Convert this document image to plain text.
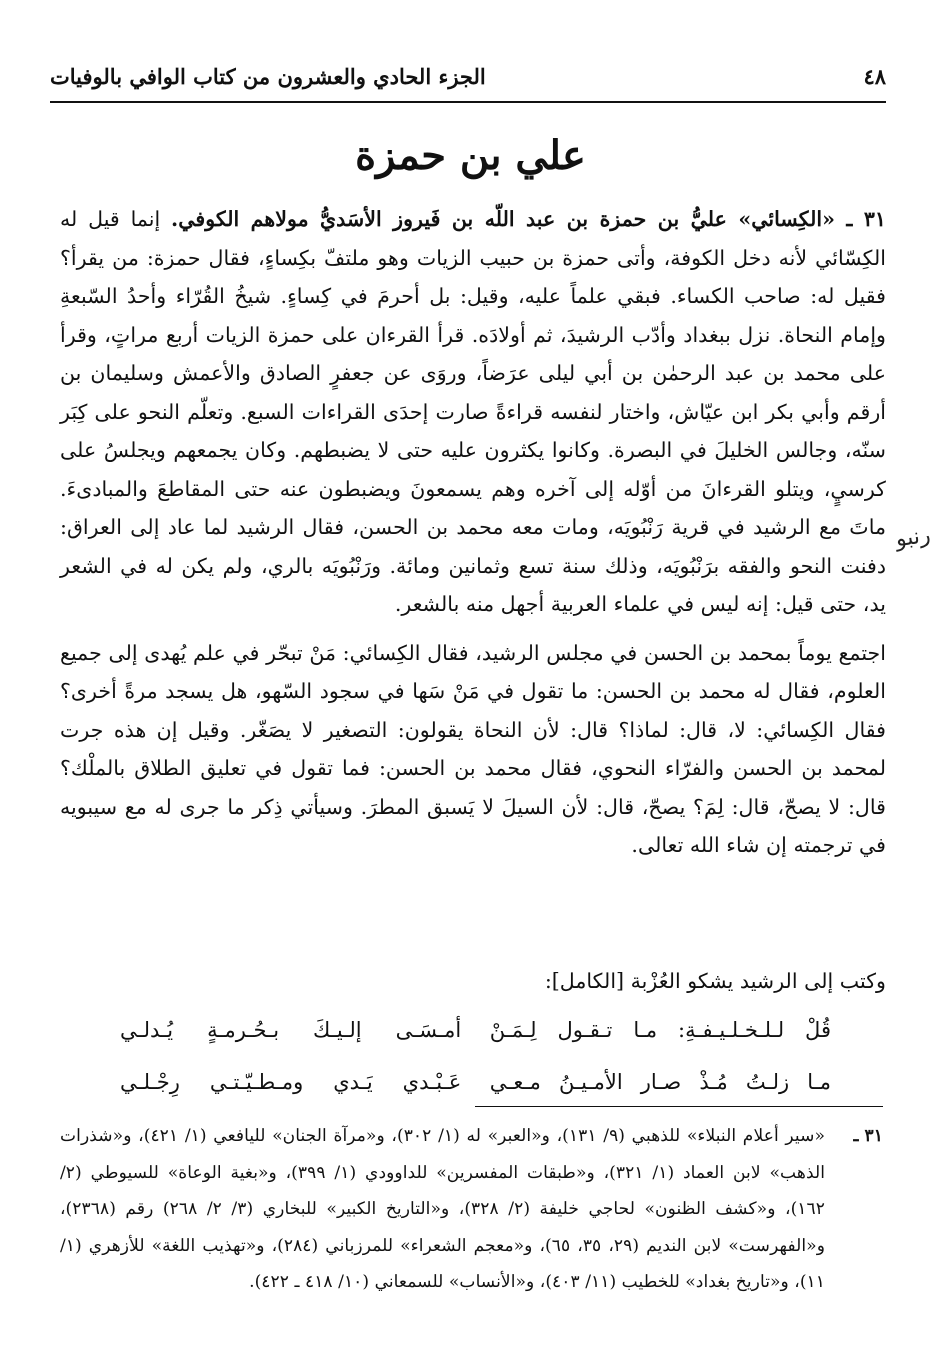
٤٨
الجزء الحادي والعشرون من كتاب الوافي بالوفيات
علي بن حمزة

٣١ ـ «الكِسائي» عليُّ بن حمزة بن عبد اللّه بن فَيروز الأسَديُّ مولاهم الكوفي. إنما قيل له الكِسّائي لأنه دخل الكوفة، وأتى حمزة بن حبيب الزيات وهو ملتفّ بكِساءٍ، فقال حمزة: من يقرأ؟ فقيل له: صاحب الكساء. فبقي علماً عليه، وقيل: بل أحرمَ في كِساءٍ. شيخُ القُرّاء وأحدُ السّبعةِ وإمام النحاة. نزل ببغداد وأدّب الرشيدَ، ثم أولادَه. قرأ القرءان على حمزة الزيات أربع مراتٍ، وقرأ على محمد بن عبد الرحمٰن بن أبي ليلى عرَضاً، وروَى عن جعفرٍ الصادق والأعمش وسليمان بن أرقم وأبي بكر ابن عيّاش، واختار لنفسه قراءةً صارت إحدَى القراءات السبع. وتعلّم النحو على كِبَر سنّه، وجالس الخليلَ في البصرة. وكانوا يكثرون عليه حتى لا يضبطهم. وكان يجمعهم ويجلسُ على كرسيٍ، ويتلو القرءانَ من أوّله إلى آخره وهم يسمعونَ ويضبطون عنه حتى المقاطعَ والمبادىءَ. ماتَ مع الرشيد في قرية رَنْبُويَه، ومات معه محمد بن الحسن، فقال الرشيد لما عاد إلى العراق: دفنت النحو والفقه برَنْبُويَه، وذلك سنة تسع وثمانين ومائة. ورَنْبُويَه بالري، ولم يكن له في الشعر يد، حتى قيل: إنه ليس في علماء العربية أجهل منه بالشعر.

اجتمع يوماً بمحمد بن الحسن في مجلس الرشيد، فقال الكِسائي: مَنْ تبحّر في علم يُهدى إلى جميع العلوم، فقال له محمد بن الحسن: ما تقول في مَنْ سَها في سجود السّهو، هل يسجد مرةً أخرى؟ فقال الكِسائي: لا، قال: لماذا؟ قال: لأن النحاة يقولون: التصغير لا يصَغّر. وقيل إن هذه جرت لمحمد بن الحسن والفرّاء النحوي، فقال محمد بن الحسن: فما تقول في تعليق الطلاق بالملْك؟ قال: لا يصحّ، قال: لِمَ؟ يصحّ، قال: لأن السيلَ لا يَسبق المطرَ. وسيأتي ذِكر ما جرى له مع سيبويه في ترجمته إن شاء الله تعالى.

رنبو
وكتب إلى الرشيد يشكو العُزْبة [الكامل]:
قُلْ لـلـخـلـيـفـةِ: مـا تـقـول لِـمَـنْ
أمـسَـى إلـيـكَ بـحُـرمـةٍ يُـدلـي
مـا زلـتُ مُـذْ صـار الأمـيـنُ مـعـي
عَـبْـدي يَـدي ومـطـيّـتـي رِجْـلـي
٣١ ـ
«سير أعلام النبلاء» للذهبي (٩/ ١٣١)، و«العبر» له (١/ ٣٠٢)، و«مرآة الجنان» لليافعي (١/ ٤٢١)، و«شذرات الذهب» لابن العماد (١/ ٣٢١)، و«طبقات المفسرين» للداوودي (١/ ٣٩٩)، و«بغية الوعاة» للسيوطي (٢/ ١٦٢)، و«كشف الظنون» لحاجي خليفة (٢/ ٣٢٨)، و«التاريخ الكبير» للبخاري (٣/ ٢/ ٢٦٨) رقم (٢٣٦٨)، و«الفهرست» لابن النديم (٢٩، ٣٥، ٦٥)، و«معجم الشعراء» للمرزباني (٢٨٤)، و«تهذيب اللغة» للأزهري (١/ ١١)، و«تاريخ بغداد» للخطيب (١١/ ٤٠٣)، و«الأنساب» للسمعاني (١٠/ ٤١٨ ـ ٤٢٢).
